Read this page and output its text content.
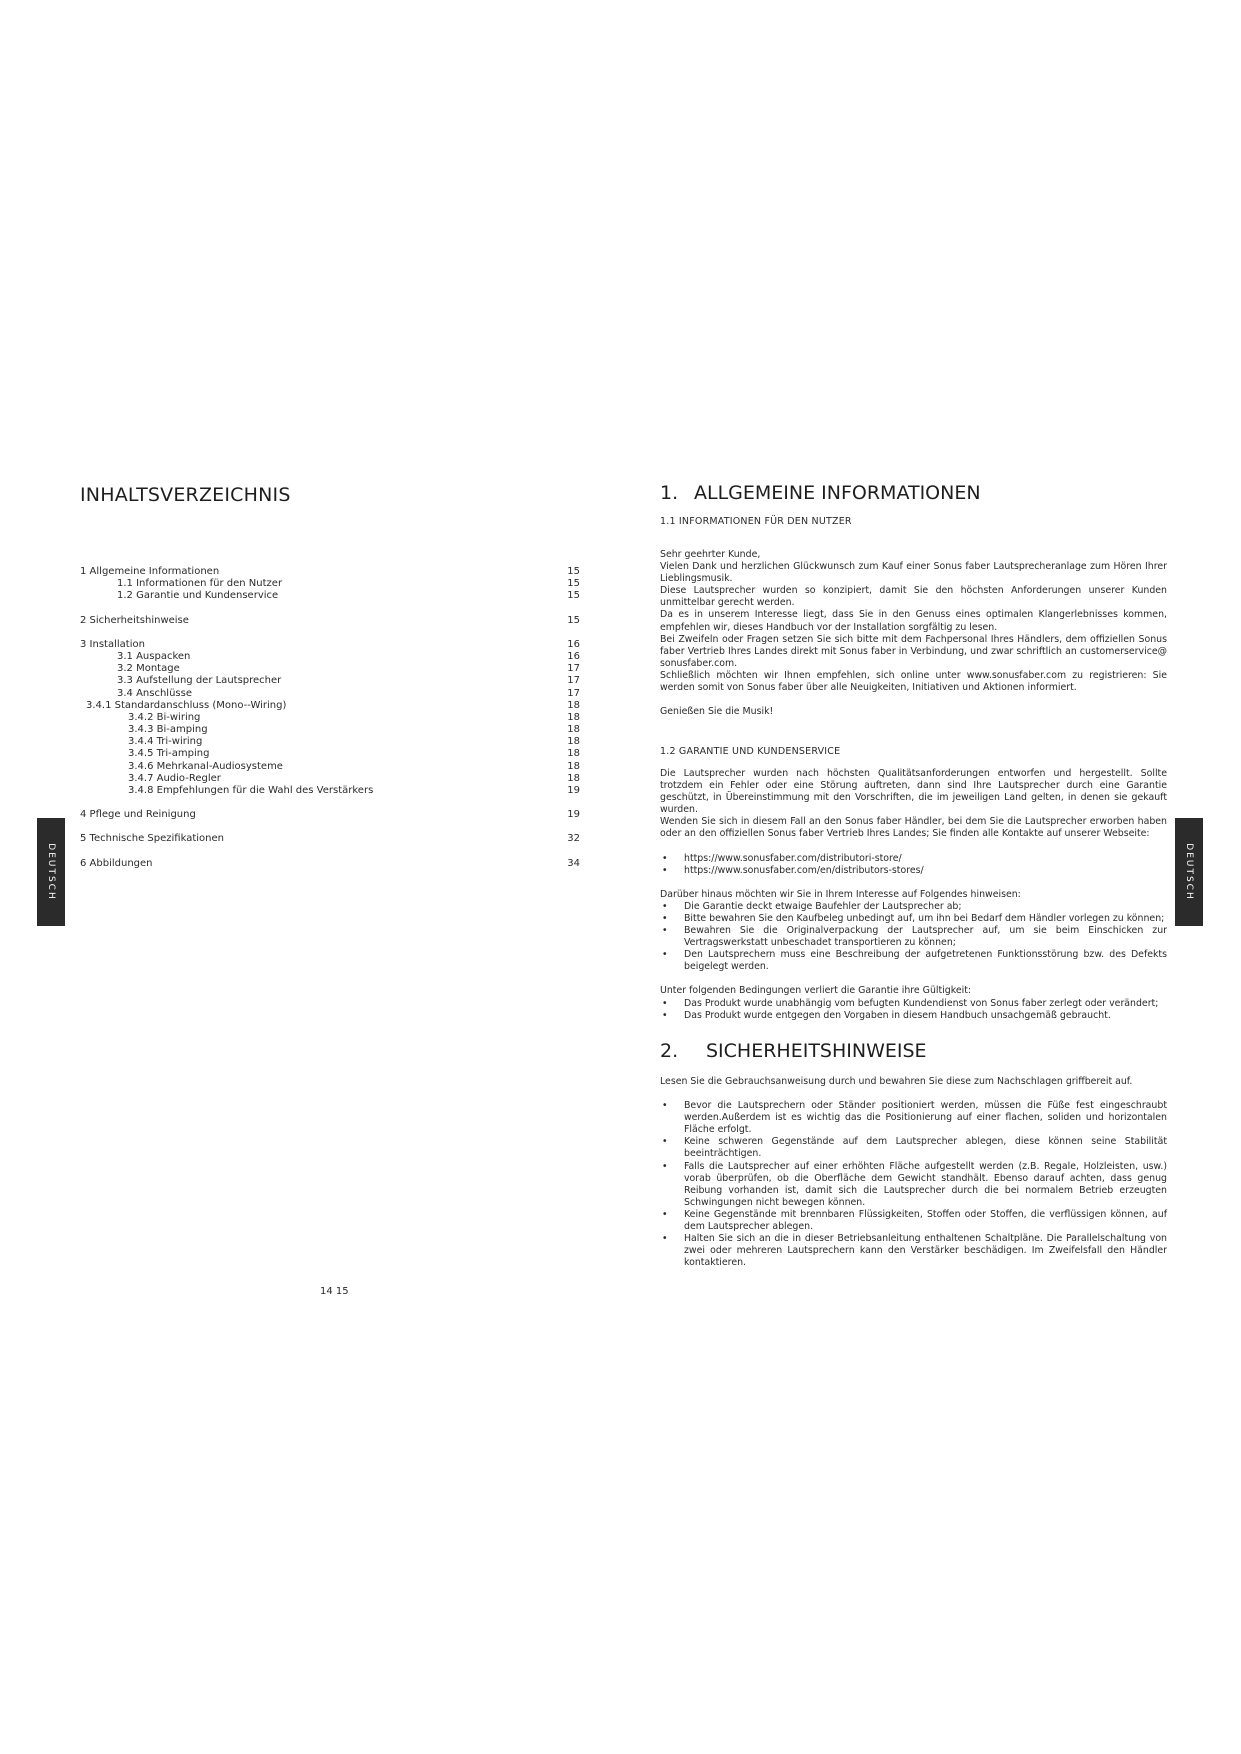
INHALTSVERZEICHNIS
1 Allgemeine Informationen	15
1.1 Informationen für den Nutzer	15
1.2 Garantie und Kundenservice	15
2 Sicherheitshinweise	15
3 Installation	16
3.1 Auspacken	16
3.2 Montage	17
3.3 Aufstellung der Lautsprecher	17
3.4 Anschlüsse	17
3.4.1 Standardanschluss (Mono--Wiring)	18
3.4.2 Bi-wiring	18
3.4.3 Bi-amping	18
3.4.4 Tri-wiring	18
3.4.5 Tri-amping	18
3.4.6 Mehrkanal-Audiosysteme	18
3.4.7 Audio-Regler	18
3.4.8 Empfehlungen für die Wahl des Verstärkers	19
4 Pflege und Reinigung	19
5 Technische Spezifikationen	32
6 Abbildungen	34
DEUTSCH
14 15
1. ALLGEMEINE INFORMATIONEN
1.1 INFORMATIONEN FÜR DEN NUTZER

Sehr geehrter Kunde,

Vielen Dank und herzlichen Glückwunsch zum Kauf einer Sonus faber Lautsprecheranlage zum Hören Ihrer Lieblingsmusik.

Diese Lautsprecher wurden so konzipiert, damit Sie den höchsten Anforderungen unserer Kunden unmittelbar gerecht werden.

Da es in unserem Interesse liegt, dass Sie in den Genuss eines optimalen Klangerlebnisses kommen, empfehlen wir, dieses Handbuch vor der Installation sorgfältig zu lesen.

Bei Zweifeln oder Fragen setzen Sie sich bitte mit dem Fachpersonal Ihres Händlers, dem offiziellen Sonus faber Vertrieb Ihres Landes direkt mit Sonus faber in Verbindung, und zwar schriftlich an customerservice@ sonusfaber.com.

Schließlich möchten wir Ihnen empfehlen, sich online unter www.sonusfaber.com zu registrieren: Sie werden somit von Sonus faber über alle Neuigkeiten, Initiativen und Aktionen informiert.

Genießen Sie die Musik!

1.2 GARANTIE UND KUNDENSERVICE

Die Lautsprecher wurden nach höchsten Qualitätsanforderungen entworfen und hergestellt. Sollte trotzdem ein Fehler oder eine Störung auftreten, dann sind Ihre Lautsprecher durch eine Garantie geschützt, in Übereinstimmung mit den Vorschriften, die im jeweiligen Land gelten, in denen sie gekauft wurden.

Wenden Sie sich in diesem Fall an den Sonus faber Händler, bei dem Sie die Lautsprecher erworben haben oder an den offiziellen Sonus faber Vertrieb Ihres Landes; Sie finden alle Kontakte auf unserer Webseite:

• https://www.sonusfaber.com/distributori-store/
• https://www.sonusfaber.com/en/distributors-stores/

Darüber hinaus möchten wir Sie in Ihrem Interesse auf Folgendes hinweisen:

• Die Garantie deckt etwaige Baufehler der Lautsprecher ab;
• Bitte bewahren Sie den Kaufbeleg unbedingt auf, um ihn bei Bedarf dem Händler vorlegen zu können;
• Bewahren Sie die Originalverpackung der Lautsprecher auf, um sie beim Einschicken zur Vertragswerkstatt unbeschadet transportieren zu können;
• Den Lautsprechern muss eine Beschreibung der aufgetretenen Funktionsstörung bzw. des Defekts beigelegt werden.

Unter folgenden Bedingungen verliert die Garantie ihre Gültigkeit:

• Das Produkt wurde unabhängig vom befugten Kundendienst von Sonus faber zerlegt oder verändert;
• Das Produkt wurde entgegen den Vorgaben in diesem Handbuch unsachgemäß gebraucht.
2. SICHERHEITSHINWEISE

Lesen Sie die Gebrauchsanweisung durch und bewahren Sie diese zum Nachschlagen griffbereit auf.

• Bevor die Lautsprechern oder Ständer positioniert werden, müssen die Füße fest eingeschraubt werden.Außerdem ist es wichtig das die Positionierung auf einer flachen, soliden und horizontalen Fläche erfolgt.
• Keine schweren Gegenstände auf dem Lautsprecher ablegen, diese können seine Stabilität beeinträchtigen.
• Falls die Lautsprecher auf einer erhöhten Fläche aufgestellt werden (z.B. Regale, Holzleisten, usw.) vorab überprüfen, ob die Oberfläche dem Gewicht standhält. Ebenso darauf achten, dass genug Reibung vorhanden ist, damit sich die Lautsprecher durch die bei normalem Betrieb erzeugten Schwingungen nicht bewegen können.
• Keine Gegenstände mit brennbaren Flüssigkeiten, Stoffen oder Stoffen, die verflüssigen können, auf dem Lautsprecher ablegen.
• Halten Sie sich an die in dieser Betriebsanleitung enthaltenen Schaltpläne. Die Parallelschaltung von zwei oder mehreren Lautsprechern kann den Verstärker beschädigen. Im Zweifelsfall den Händler kontaktieren.
DEUTSCH
